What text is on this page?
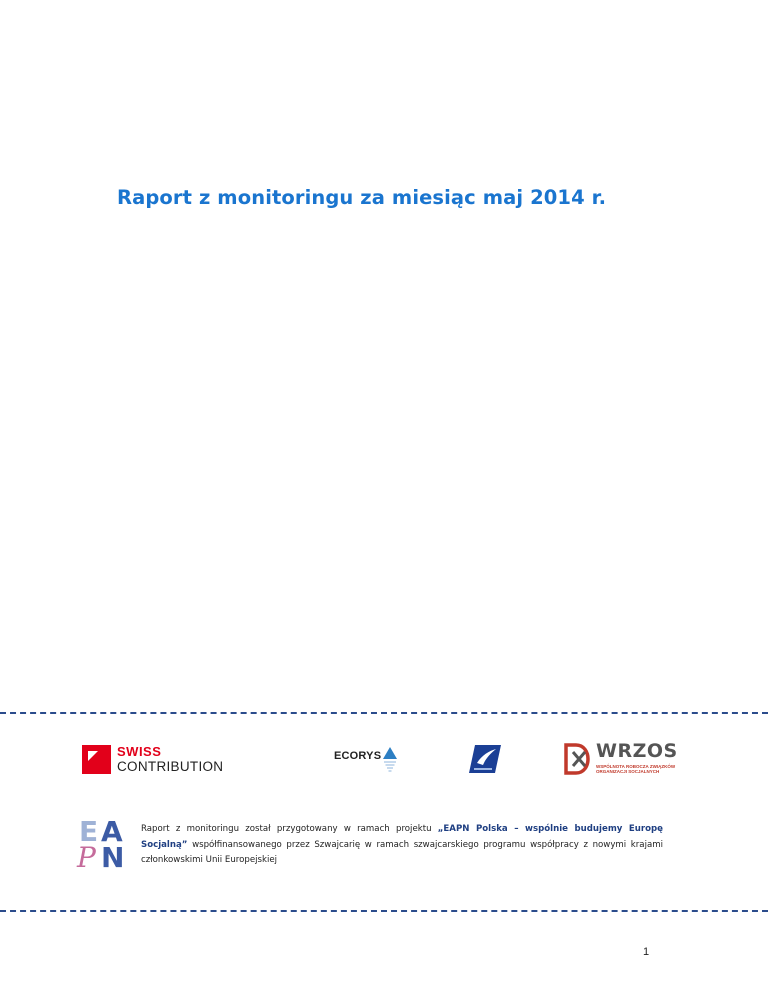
Raport z monitoringu za miesiąc maj 2014 r.
SWISS
CONTRIBUTION
ECORYS	WRZOS
WSPÓLNOTA ROBOCZA ZWIĄZKÓW
ORGANIZACJI SOCJALNYCH
E A
P N
Raport z monitoringu został przygotowany w ramach projektu „EAPN Polska – wspólnie budujemy Europę Socjalną” współfinansowanego przez Szwajcarię w ramach szwajcarskiego programu współpracy z nowymi krajami członkowskimi Unii Europejskiej
1
